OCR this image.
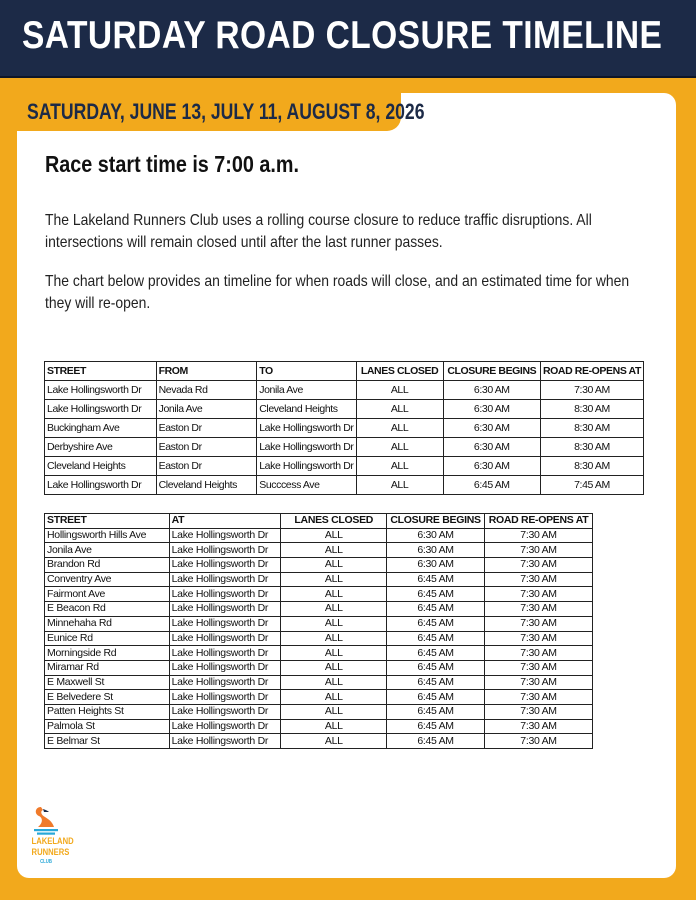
SATURDAY ROAD CLOSURE TIMELINE
SATURDAY, JUNE 13, JULY 11, AUGUST 8, 2026
Race start time is 7:00 a.m.

The Lakeland Runners Club uses a rolling course closure to reduce traffic disruptions. All intersections will remain closed until after the last runner passes.

The chart below provides an timeline for when roads will close, and an estimated time for when they will re-open.

STREET	FROM	TO	LANES CLOSED	CLOSURE BEGINS	ROAD RE-OPENS AT
Lake Hollingsworth Dr	Nevada Rd	Jonila Ave	ALL	6:30 AM	7:30 AM
Lake Hollingsworth Dr	Jonila Ave	Cleveland Heights	ALL	6:30 AM	8:30 AM
Buckingham Ave	Easton Dr	Lake Hollingsworth Dr	ALL	6:30 AM	8:30 AM
Derbyshire Ave	Easton Dr	Lake Hollingsworth Dr	ALL	6:30 AM	8:30 AM
Cleveland Heights	Easton Dr	Lake Hollingsworth Dr	ALL	6:30 AM	8:30 AM
Lake Hollingsworth Dr	Cleveland Heights	Succcess Ave	ALL	6:45 AM	7:45 AM
STREET	AT	LANES CLOSED	CLOSURE BEGINS	ROAD RE-OPENS AT
Hollingsworth Hills Ave	Lake Hollingsworth Dr	ALL	6:30 AM	7:30 AM
Jonila Ave	Lake Hollingsworth Dr	ALL	6:30 AM	7:30 AM
Brandon Rd	Lake Hollingsworth Dr	ALL	6:30 AM	7:30 AM
Conventry Ave	Lake Hollingsworth Dr	ALL	6:45 AM	7:30 AM
Fairmont Ave	Lake Hollingsworth Dr	ALL	6:45 AM	7:30 AM
E Beacon Rd	Lake Hollingsworth Dr	ALL	6:45 AM	7:30 AM
Minnehaha Rd	Lake Hollingsworth Dr	ALL	6:45 AM	7:30 AM
Eunice Rd	Lake Hollingsworth Dr	ALL	6:45 AM	7:30 AM
Morningside Rd	Lake Hollingsworth Dr	ALL	6:45 AM	7:30 AM
Miramar Rd	Lake Hollingsworth Dr	ALL	6:45 AM	7:30 AM
E Maxwell St	Lake Hollingsworth Dr	ALL	6:45 AM	7:30 AM
E Belvedere St	Lake Hollingsworth Dr	ALL	6:45 AM	7:30 AM
Patten Heights St	Lake Hollingsworth Dr	ALL	6:45 AM	7:30 AM
Palmola St	Lake Hollingsworth Dr	ALL	6:45 AM	7:30 AM
E Belmar St	Lake Hollingsworth Dr	ALL	6:45 AM	7:30 AM
LAKELAND
RUNNERS
CLUB
